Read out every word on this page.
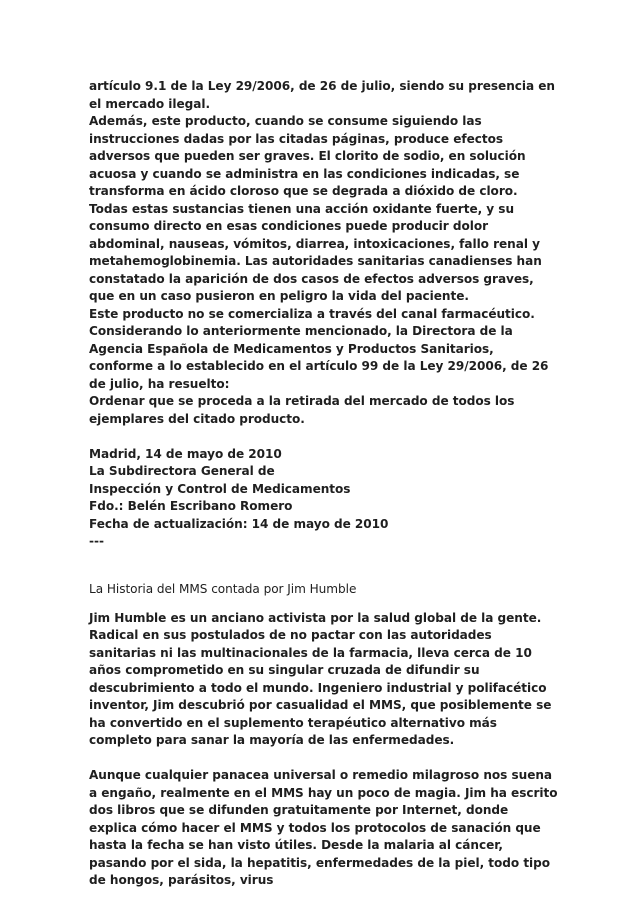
artículo 9.1 de la Ley 29/2006, de 26 de julio, siendo su presencia en el mercado ilegal.

Además, este producto, cuando se consume siguiendo las instrucciones dadas por las citadas páginas, produce efectos adversos que pueden ser graves. El clorito de sodio, en solución acuosa y cuando se administra en las condiciones indicadas, se transforma en ácido cloroso que se degrada a dióxido de cloro. Todas estas sustancias tienen una acción oxidante fuerte, y su consumo directo en esas condiciones puede producir dolor abdominal, nauseas, vómitos, diarrea, intoxicaciones, fallo renal y metahemoglobinemia. Las autoridades sanitarias canadienses han constatado la aparición de dos casos de efectos adversos graves, que en un caso pusieron en peligro la vida del paciente.

Este producto no se comercializa a través del canal farmacéutico.

Considerando lo anteriormente mencionado, la Directora de la Agencia Española de Medicamentos y Productos Sanitarios, conforme a lo establecido en el artículo 99 de la Ley 29/2006, de 26 de julio, ha resuelto:

Ordenar que se proceda a la retirada del mercado de todos los ejemplares del citado producto.

Madrid, 14 de mayo de 2010

La Subdirectora General de

Inspección y Control de Medicamentos

Fdo.: Belén Escribano Romero

Fecha de actualización: 14 de mayo de 2010

---

La Historia del MMS contada por Jim Humble

Jim Humble es un anciano activista por la salud global de la gente. Radical en sus postulados de no pactar con las autoridades sanitarias ni las multinacionales de la farmacia, lleva cerca de 10 años comprometido en su singular cruzada de difundir su descubrimiento a todo el mundo. Ingeniero industrial y polifacético inventor, Jim descubrió por casualidad el MMS, que posiblemente se ha convertido en el suplemento terapéutico alternativo más completo para sanar la mayoría de las enfermedades.

Aunque cualquier panacea universal o remedio milagroso nos suena a engaño, realmente en el MMS hay un poco de magia. Jim ha escrito dos libros que se difunden gratuitamente por Internet, donde explica cómo hacer el MMS y todos los protocolos de sanación que hasta la fecha se han visto útiles. Desde la malaria al cáncer, pasando por el sida, la hepatitis, enfermedades de la piel, todo tipo de hongos, parásitos, virus
